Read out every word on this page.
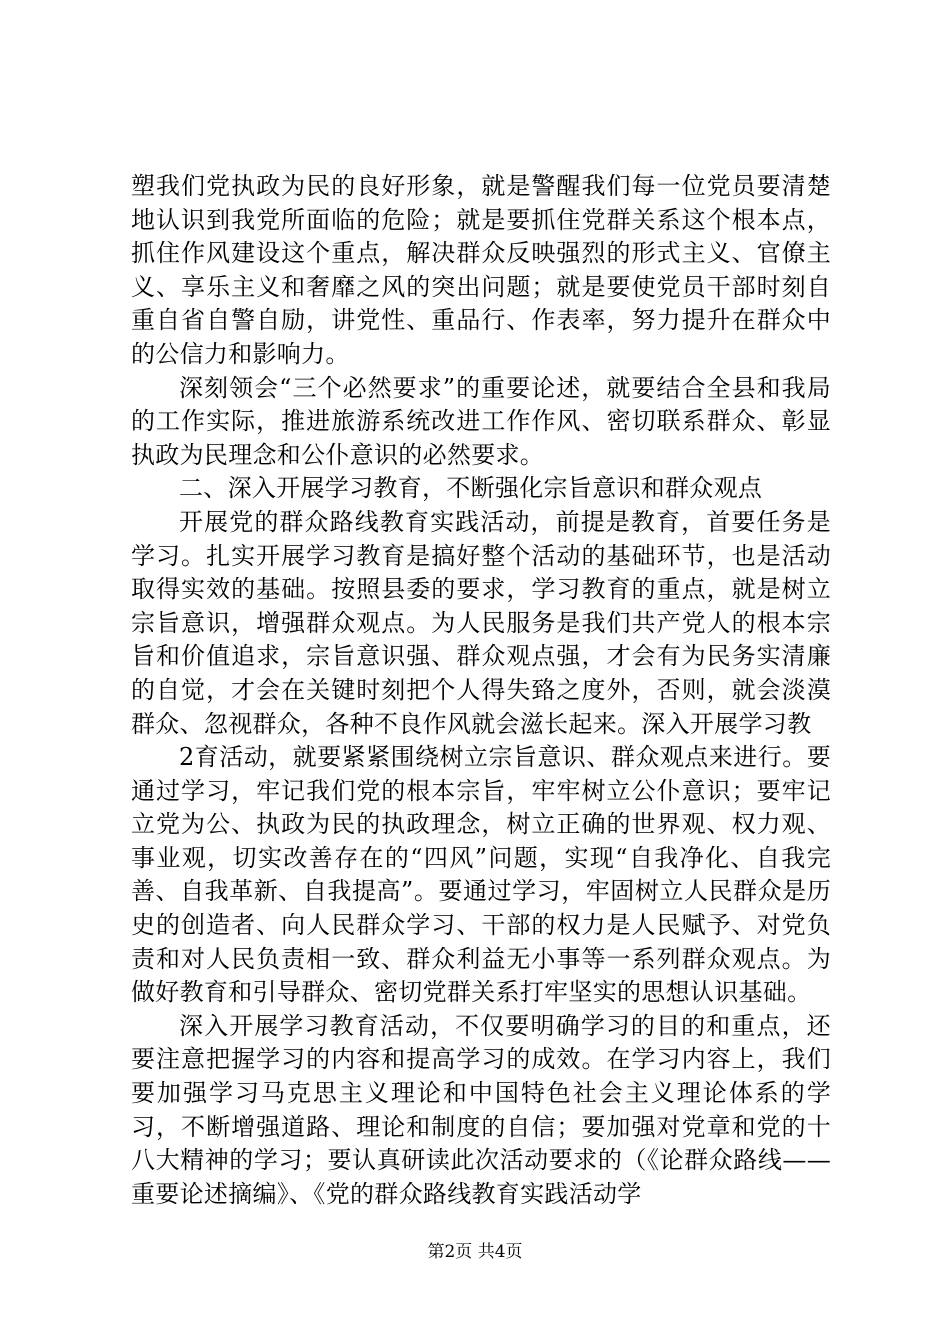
塑我们党执政为民的良好形象，就是警醒我们每一位党员要清楚地认识到我党所面临的危险；就是要抓住党群关系这个根本点，抓住作风建设这个重点，解决群众反映强烈的形式主义、官僚主义、享乐主义和奢靡之风的突出问题；就是要使党员干部时刻自重自省自警自励，讲党性、重品行、作表率，努力提升在群众中的公信力和影响力。

深刻领会“三个必然要求”的重要论述，就要结合全县和我局的工作实际，推进旅游系统改进工作作风、密切联系群众、彰显执政为民理念和公仆意识的必然要求。

二、深入开展学习教育，不断强化宗旨意识和群众观点

开展党的群众路线教育实践活动，前提是教育，首要任务是学习。扎实开展学习教育是搞好整个活动的基础环节，也是活动取得实效的基础。按照县委的要求，学习教育的重点，就是树立宗旨意识，增强群众观点。为人民服务是我们共产党人的根本宗旨和价值追求，宗旨意识强、群众观点强，才会有为民务实清廉的自觉，才会在关键时刻把个人得失臵之度外，否则，就会淡漠群众、忽视群众，各种不良作风就会滋长起来。深入开展学习教

2育活动，就要紧紧围绕树立宗旨意识、群众观点来进行。要通过学习，牢记我们党的根本宗旨，牢牢树立公仆意识；要牢记立党为公、执政为民的执政理念，树立正确的世界观、权力观、事业观，切实改善存在的“四风”问题，实现“自我净化、自我完善、自我革新、自我提高”。要通过学习，牢固树立人民群众是历史的创造者、向人民群众学习、干部的权力是人民赋予、对党负责和对人民负责相一致、群众利益无小事等一系列群众观点。为做好教育和引导群众、密切党群关系打牢坚实的思想认识基础。

深入开展学习教育活动，不仅要明确学习的目的和重点，还要注意把握学习的内容和提高学习的成效。在学习内容上，我们要加强学习马克思主义理论和中国特色社会主义理论体系的学习，不断增强道路、理论和制度的自信；要加强对党章和党的十八大精神的学习；要认真研读此次活动要求的（《论群众路线——重要论述摘编》、《党的群众路线教育实践活动学

第2页 共4页
